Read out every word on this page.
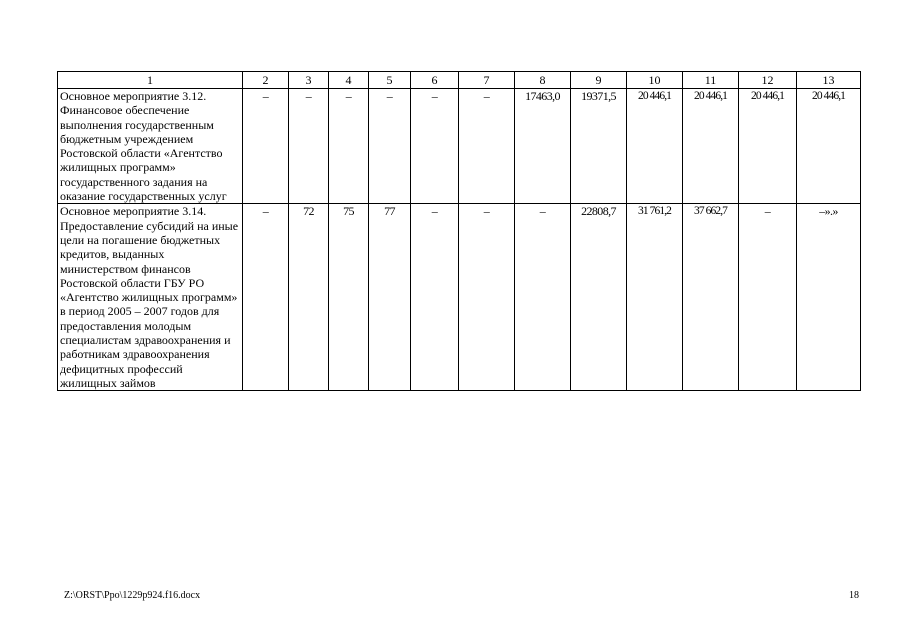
1	2	3	4	5	6	7	8	9	10	11	12	13
Основное мероприятие 3.12. Финансовое обеспечение выполнения государственным бюджетным учреждением Ростовской области «Агентство жилищных программ» государственного задания на оказание государственных услуг	–	–	–	–	–	–	17463,0	19371,5	20 446,1	20 446,1	20 446,1	20 446,1
Основное мероприятие 3.14. Предоставление субсидий на иные цели на погашение бюджетных кредитов, выданных министерством финансов Ростовской области ГБУ РО «Агентство жилищных программ» в период 2005 – 2007 годов для предоставления молодым специалистам здравоохранения и работникам здравоохранения дефицитных профессий жилищных займов	–	72	75	77	–	–	–	22808,7	31 761,2	37 662,7	–	–».»
Z:\ORST\Ppo\1229p924.f16.docx	18
